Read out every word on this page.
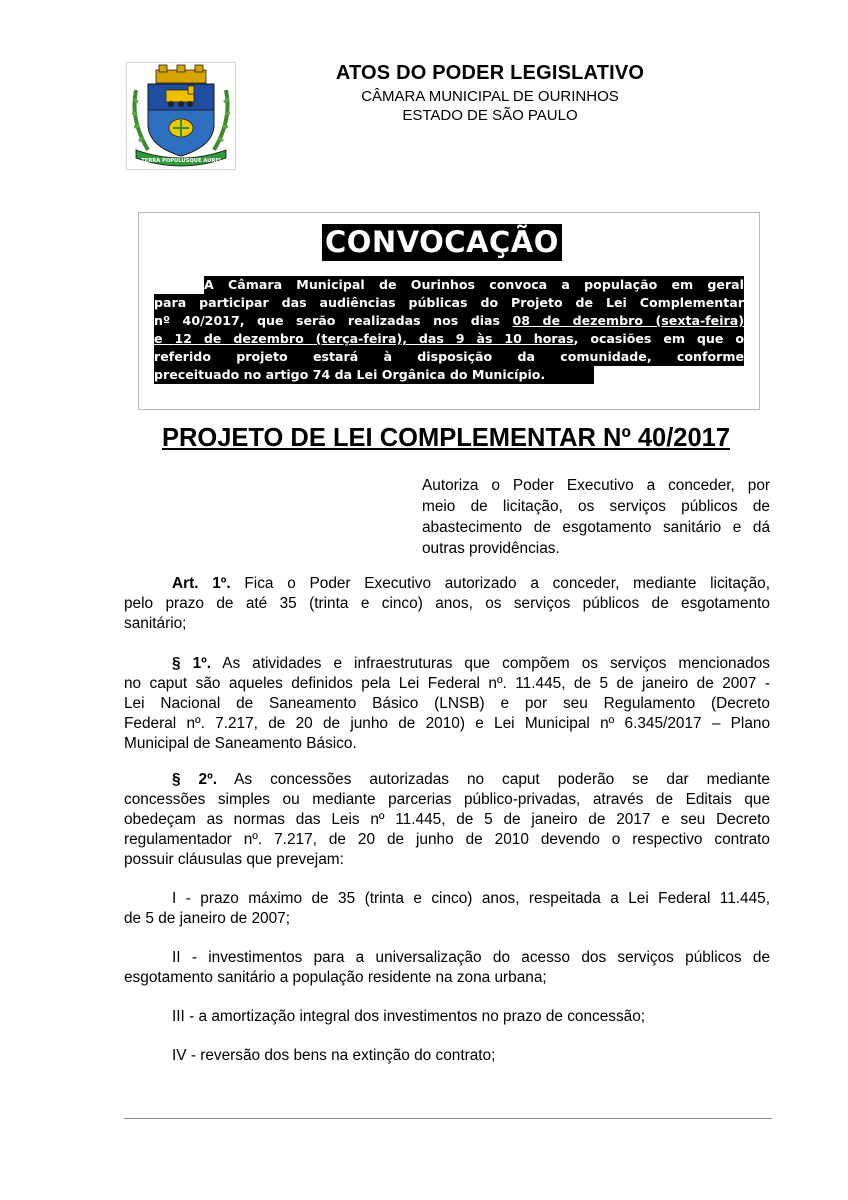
TERRA POPULUSQUE AUREI
ATOS DO PODER LEGISLATIVO
CÂMARA MUNICIPAL DE OURINHOS
ESTADO DE SÃO PAULO
CONVOCAÇÃO
A Câmara Municipal de Ourinhos convoca a população em geral
para participar das audiências públicas do Projeto de Lei Complementar
nº 40/2017, que serão realizadas nos dias 08 de dezembro (sexta-feira)
e 12 de dezembro (terça-feira), das 9 às 10 horas, ocasiões em que o
referido projeto estará à disposição da comunidade, conforme
preceituado no artigo 74 da Lei Orgânica do Município.
PROJETO DE LEI COMPLEMENTAR Nº 40/2017
Autoriza o Poder Executivo a conceder, por
meio de licitação, os serviços públicos de
abastecimento de esgotamento sanitário e dá
outras providências.
Art. 1º. Fica o Poder Executivo autorizado a conceder, mediante licitação,
pelo prazo de até 35 (trinta e cinco) anos, os serviços públicos de esgotamento
sanitário;
§ 1º. As atividades e infraestruturas que compõem os serviços mencionados
no caput são aqueles definidos pela Lei Federal nº. 11.445, de 5 de janeiro de 2007 -
Lei Nacional de Saneamento Básico (LNSB) e por seu Regulamento (Decreto
Federal nº. 7.217, de 20 de junho de 2010) e Lei Municipal nº 6.345/2017 – Plano
Municipal de Saneamento Básico.
§ 2º. As concessões autorizadas no caput poderão se dar mediante
concessões simples ou mediante parcerias público-privadas, através de Editais que
obedeçam as normas das Leis nº 11.445, de 5 de janeiro de 2017 e seu Decreto
regulamentador nº. 7.217, de 20 de junho de 2010 devendo o respectivo contrato
possuir cláusulas que prevejam:
I - prazo máximo de 35 (trinta e cinco) anos, respeitada a Lei Federal 11.445,
de 5 de janeiro de 2007;
II - investimentos para a universalização do acesso dos serviços públicos de
esgotamento sanitário a população residente na zona urbana;
III - a amortização integral dos investimentos no prazo de concessão;
IV - reversão dos bens na extinção do contrato;
